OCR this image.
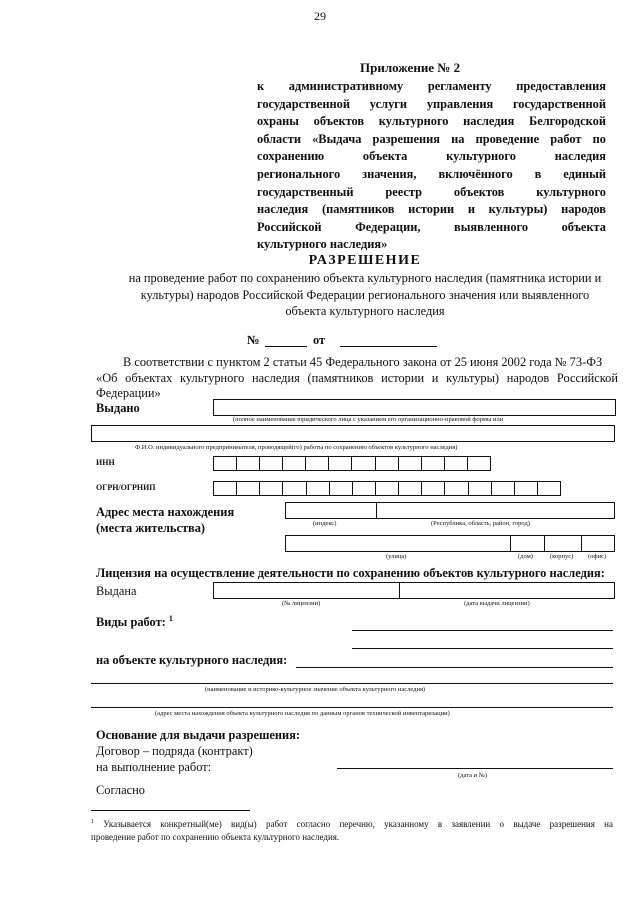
29
Приложение № 2
к административному регламенту предоставления
государственной услуги управления государственной
охраны объектов культурного наследия Белгородской
области «Выдача разрешения на проведение работ по
сохранению объекта культурного наследия
регионального значения, включённого в единый
государственный реестр объектов культурного
наследия (памятников истории и культуры) народов
Российской Федерации, выявленного объекта
культурного наследия»
РАЗРЕШЕНИЕ
на проведение работ по сохранению объекта культурного наследия (памятника истории и
культуры) народов Российской Федерации регионального значения или выявленного
объекта культурного наследия
№	от
В соответствии с пунктом 2 статьи 45 Федерального закона от 25 июня 2002 года № 73-ФЗ
«Об объектах культурного наследия (памятников истории и культуры) народов Российской
Федерации»
Выдано
(полное наименование юридического лица с указанием его организационно-правовой формы или
Ф.И.О. индивидуального предпринимателя, проводящей(го) работы по сохранению объектов культурного наследия)
ИНН
ОГРН/ОГРНИП
Адрес места нахождения
(места жительства)	(индекс)	(Республика, область, район, город)
(улица)	(дом)	(корпус) (офис)
Лицензия на осуществление деятельности по сохранению объектов культурного наследия:
Выдана
(№ лицензии)	(дата выдачи лицензии)
Виды работ: $^1$
на объекте культурного наследия:
(наименование и историко-культурное значение объекта культурного наследия)
(адрес места нахождения объекта культурного наследия по данным органов технической инвентаризации)
Основание для выдачи разрешения:
Договор – подряда (контракт)
на выполнение работ:
(дата и №)
Согласно
$^1$ Указывается конкретный(ме) вид(ы) работ согласно перечню, указанному в заявлении о выдаче разрешения на
проведение работ по сохранению объекта культурного наследия.
